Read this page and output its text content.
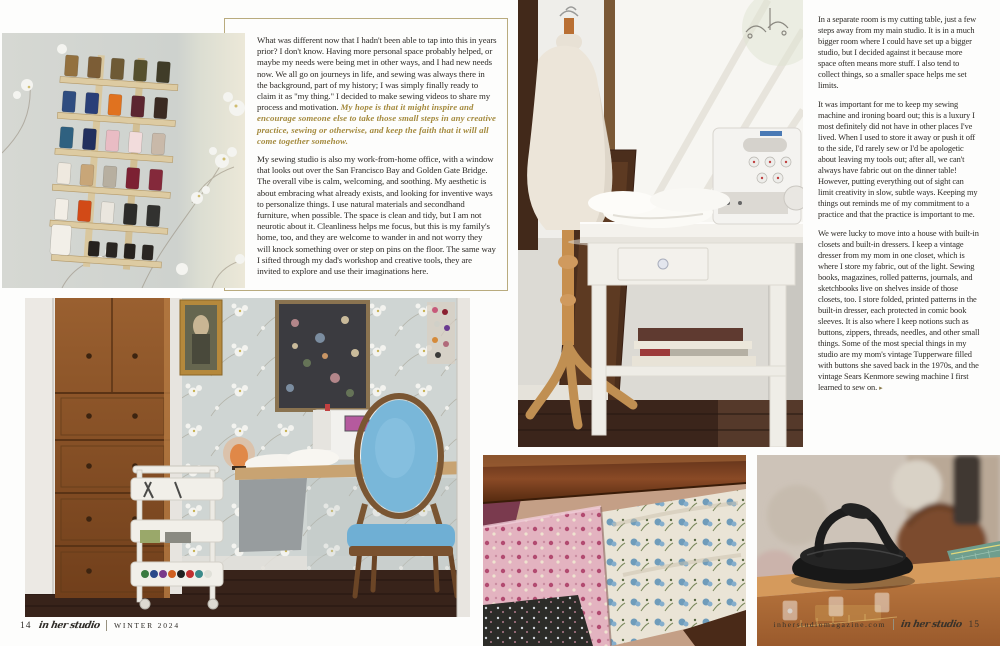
What was different now that I hadn't been able to tap into this in years prior? I don't know. Having more personal space probably helped, or maybe my needs were being met in other ways, and I had new needs now. We all go on journeys in life, and sewing was always there in the background, part of my history; I was simply finally ready to claim it as "my thing." I decided to make sewing videos to share my process and motivation. My hope is that it might inspire and encourage someone else to take those small steps in any creative practice, sewing or otherwise, and keep the faith that it will all come together somehow.

My sewing studio is also my work-from-home office, with a window that looks out over the San Francisco Bay and Golden Gate Bridge. The overall vibe is calm, welcoming, and soothing. My aesthetic is about embracing what already exists, and looking for inventive ways to personalize things. I use natural materials and secondhand furniture, when possible. The space is clean and tidy, but I am not neurotic about it. Cleanliness helps me focus, but this is my family's home, too, and they are welcome to wander in and not worry they will knock something over or step on pins on the floor. The same way I sifted through my dad's workshop and creative tools, they are invited to explore and use their imaginations here.

14 in her studio WINTER 2024

In a separate room is my cutting table, just a few steps away from my main studio. It is in a much bigger room where I could have set up a bigger studio, but I decided against it because more space often means more stuff. I also tend to collect things, so a smaller space helps me set limits.

It was important for me to keep my sewing machine and ironing board out; this is a luxury I most definitely did not have in other places I've lived. When I used to store it away or push it off to the side, I'd rarely sew or I'd be apologetic about leaving my tools out; after all, we can't always have fabric out on the dinner table! However, putting everything out of sight can limit creativity in slow, subtle ways. Keeping my things out reminds me of my commitment to a practice and that the practice is important to me.

We were lucky to move into a house with built-in closets and built-in dressers. I keep a vintage dresser from my mom in one closet, which is where I store my fabric, out of the light. Sewing books, magazines, rolled patterns, journals, and sketchbooks live on shelves inside of those closets, too. I store folded, printed patterns in the built-in dresser, each protected in comic book sleeves. It is also where I keep notions such as buttons, zippers, threads, needles, and other small things. Some of the most special things in my studio are my mom's vintage Tupperware filled with buttons she saved back in the 1970s, and the vintage Sears Kenmore sewing machine I first learned to sew on. ▸

inherstudiomagazine.com in her studio 15
